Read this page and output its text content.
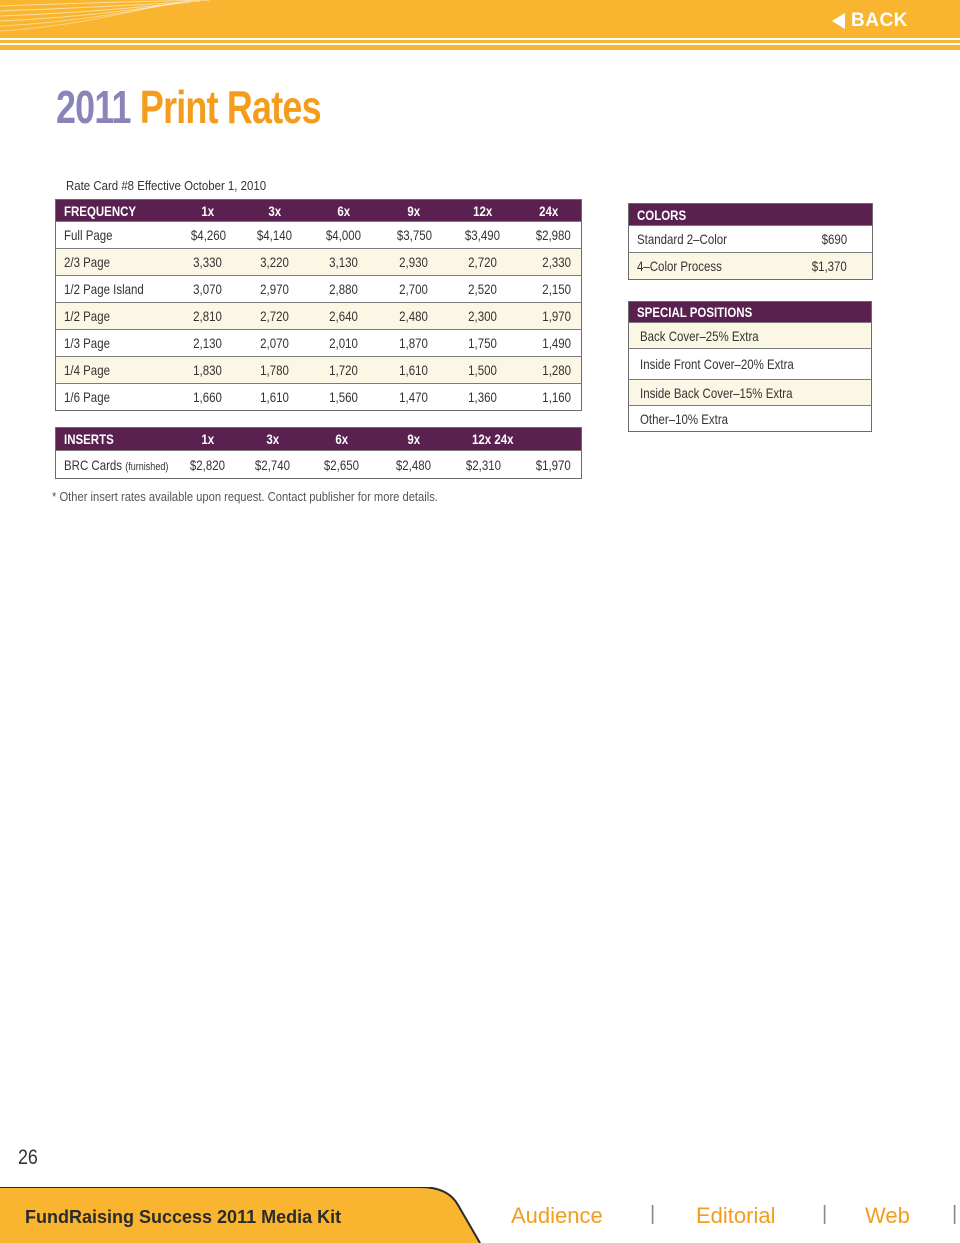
BACK
2011 Print Rates
Rate Card #8 Effective October 1, 2010
FREQUENCY	1x	3x	6x	9x	12x	24x
Full Page	$4,260	$4,140	$4,000	$3,750	$3,490	$2,980
2/3 Page	3,330	3,220	3,130	2,930	2,720	2,330
1/2 Page Island	3,070	2,970	2,880	2,700	2,520	2,150
1/2 Page	2,810	2,720	2,640	2,480	2,300	1,970
1/3 Page	2,130	2,070	2,010	1,870	1,750	1,490
1/4 Page	1,830	1,780	1,720	1,610	1,500	1,280
1/6 Page	1,660	1,610	1,560	1,470	1,360	1,160
INSERTS	1x	3x	6x	9x	12x 24x	
BRC Cards (furnished)	$2,820	$2,740	$2,650	$2,480	$2,310	$1,970
* Other insert rates available upon request. Contact publisher for more details.
COLORS	
Standard 2–Color	$690
4–Color Process	$1,370
SPECIAL POSITIONS
Back Cover–25% Extra
Inside Front Cover–20% Extra
Inside Back Cover–15% Extra
Other–10% Extra
26
FundRaising Success 2011 Media Kit	Audience | Editorial | Web |
